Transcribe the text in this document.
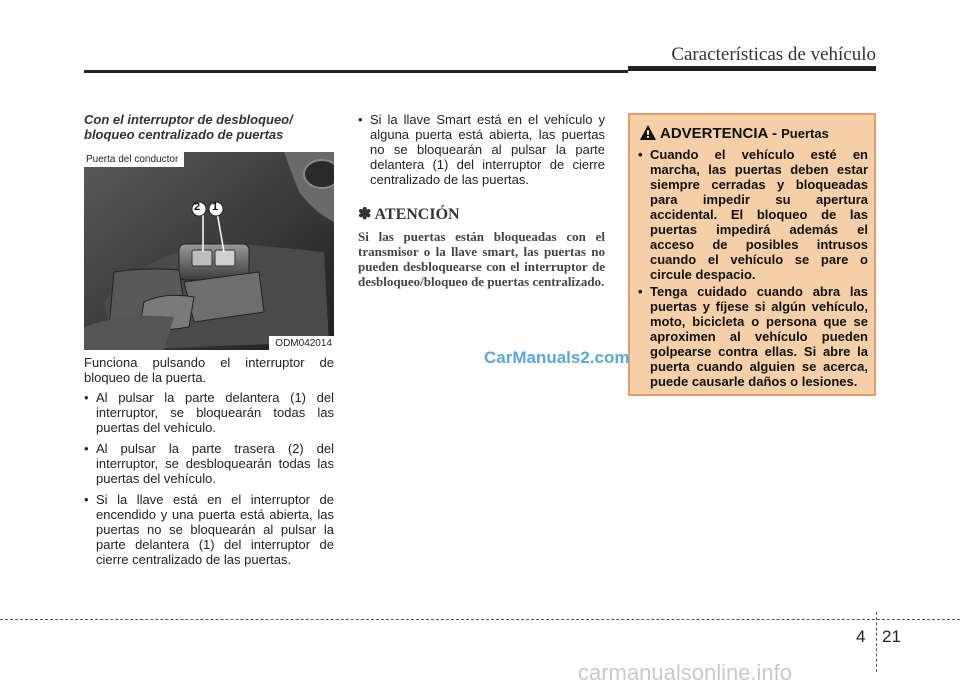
Características de vehículo
Con el interruptor de desbloqueo/
bloqueo centralizado de puertas
2 1
Puerta del conductor
ODM042014

Funciona pulsando el interruptor de bloqueo de la puerta.

• Al pulsar la parte delantera (1) del interruptor, se bloquearán todas las puertas del vehículo.
• Al pulsar la parte trasera (2) del interruptor, se desbloquearán todas las puertas del vehículo.
• Si la llave está en el interruptor de encendido y una puerta está abierta, las puertas no se bloquearán al pulsar la parte delantera (1) del interruptor de cierre centralizado de las puertas.
• Si la llave Smart está en el vehículo y alguna puerta está abierta, las puertas no se bloquearán al pulsar la parte delantera (1) del interruptor de cierre centralizado de las puertas.
✽ ATENCIÓN
Si las puertas están bloqueadas con el transmisor o la llave smart, las puertas no pueden desbloquearse con el interruptor de desbloqueo/bloqueo de puertas centralizado.
ADVERTENCIA - Puertas
• Cuando el vehículo esté en marcha, las puertas deben estar siempre cerradas y bloqueadas para impedir su apertura accidental. El bloqueo de las puertas impedirá además el acceso de posibles intrusos cuando el vehículo se pare o circule despacio.
• Tenga cuidado cuando abra las puertas y fíjese si algún vehículo, moto, bicicleta o persona que se aproximen al vehículo pueden golpearse contra ellas. Si abre la puerta cuando alguien se acerca, puede causarle daños o lesiones.
CarManuals2.com
4 21
carmanualsonline.info
